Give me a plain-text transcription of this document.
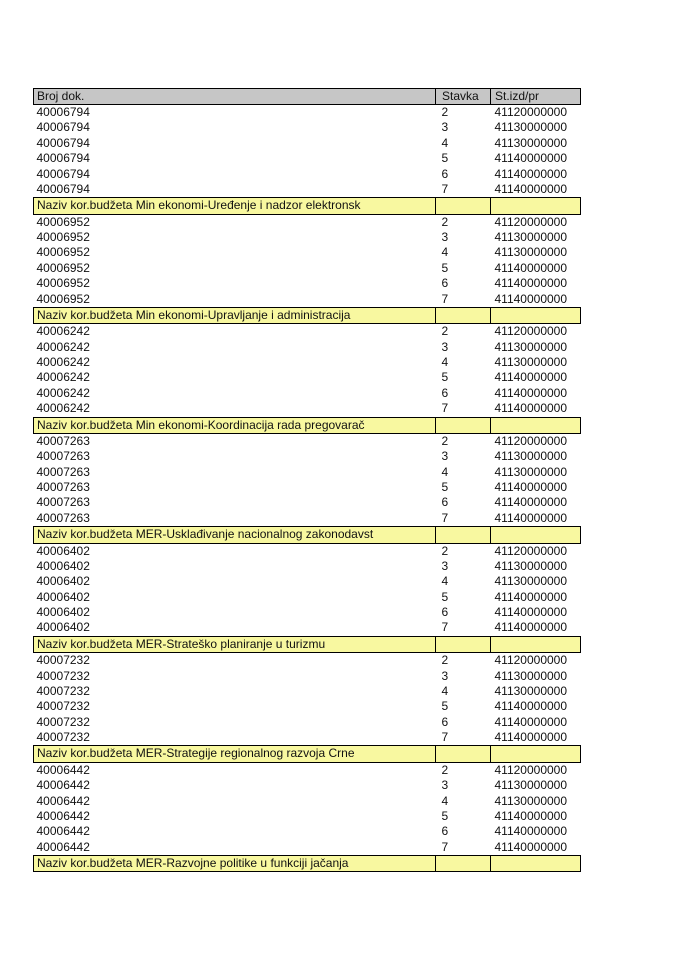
Broj dok.	Stavka	St.izd/pr
40006794	2	41120000000
40006794	3	41130000000
40006794	4	41130000000
40006794	5	41140000000
40006794	6	41140000000
40006794	7	41140000000
Naziv kor.budžeta Min ekonomi-Uređenje i nadzor elektronsk		
40006952	2	41120000000
40006952	3	41130000000
40006952	4	41130000000
40006952	5	41140000000
40006952	6	41140000000
40006952	7	41140000000
Naziv kor.budžeta Min ekonomi-Upravljanje i administracija		
40006242	2	41120000000
40006242	3	41130000000
40006242	4	41130000000
40006242	5	41140000000
40006242	6	41140000000
40006242	7	41140000000
Naziv kor.budžeta Min ekonomi-Koordinacija rada pregovarač		
40007263	2	41120000000
40007263	3	41130000000
40007263	4	41130000000
40007263	5	41140000000
40007263	6	41140000000
40007263	7	41140000000
Naziv kor.budžeta MER-Usklađivanje nacionalnog zakonodavst		
40006402	2	41120000000
40006402	3	41130000000
40006402	4	41130000000
40006402	5	41140000000
40006402	6	41140000000
40006402	7	41140000000
Naziv kor.budžeta MER-Strateško planiranje u turizmu		
40007232	2	41120000000
40007232	3	41130000000
40007232	4	41130000000
40007232	5	41140000000
40007232	6	41140000000
40007232	7	41140000000
Naziv kor.budžeta MER-Strategije regionalnog razvoja Crne		
40006442	2	41120000000
40006442	3	41130000000
40006442	4	41130000000
40006442	5	41140000000
40006442	6	41140000000
40006442	7	41140000000
Naziv kor.budžeta MER-Razvojne politike u funkciji jačanja		
